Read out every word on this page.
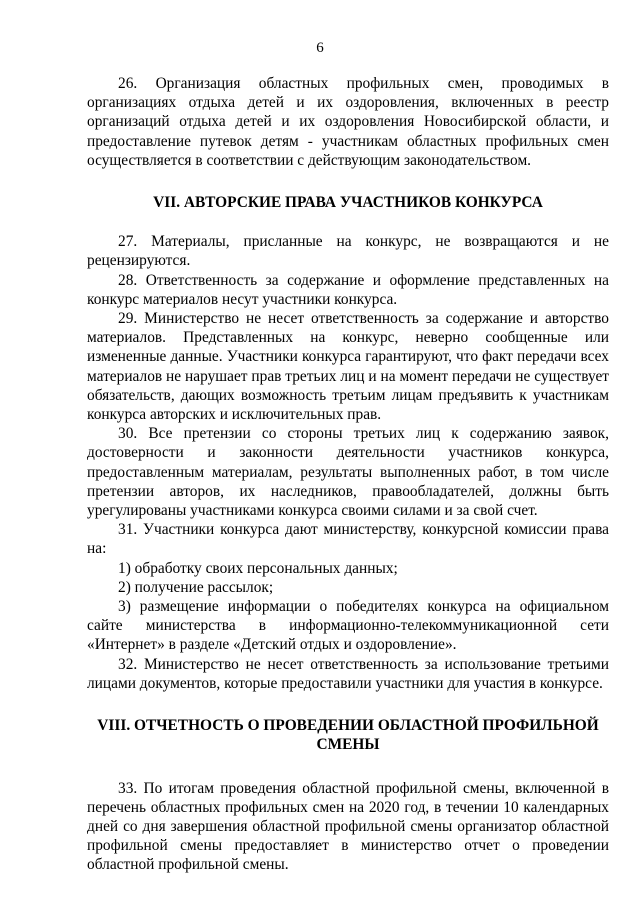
6

26. Организация областных профильных смен, проводимых в организациях отдыха детей и их оздоровления, включенных в реестр организаций отдыха детей и их оздоровления Новосибирской области, и предоставление путевок детям - участникам областных профильных смен осуществляется в соответствии с действующим законодательством.

VII. АВТОРСКИЕ ПРАВА УЧАСТНИКОВ КОНКУРСА

27. Материалы, присланные на конкурс, не возвращаются и не рецензируются.

28. Ответственность за содержание и оформление представленных на конкурс материалов несут участники конкурса.

29. Министерство не несет ответственность за содержание и авторство материалов. Представленных на конкурс, неверно сообщенные или измененные данные. Участники конкурса гарантируют, что факт передачи всех материалов не нарушает прав третьих лиц и на момент передачи не существует обязательств, дающих возможность третьим лицам предъявить к участникам конкурса авторских и исключительных прав.

30. Все претензии со стороны третьих лиц к содержанию заявок, достоверности и законности деятельности участников конкурса, предоставленным материалам, результаты выполненных работ, в том числе претензии авторов, их наследников, правообладателей, должны быть урегулированы участниками конкурса своими силами и за свой счет.

31. Участники конкурса дают министерству, конкурсной комиссии права на:

1) обработку своих персональных данных;

2) получение рассылок;

3) размещение информации о победителях конкурса на официальном сайте министерства в информационно-телекоммуникационной сети «Интернет» в разделе «Детский отдых и оздоровление».

32. Министерство не несет ответственность за использование третьими лицами документов, которые предоставили участники для участия в конкурсе.

VIII. ОТЧЕТНОСТЬ О ПРОВЕДЕНИИ ОБЛАСТНОЙ ПРОФИЛЬНОЙ
СМЕНЫ

33. По итогам проведения областной профильной смены, включенной в перечень областных профильных смен на 2020 год, в течении 10 календарных дней со дня завершения областной профильной смены организатор областной профильной смены предоставляет в министерство отчет о проведении областной профильной смены.
